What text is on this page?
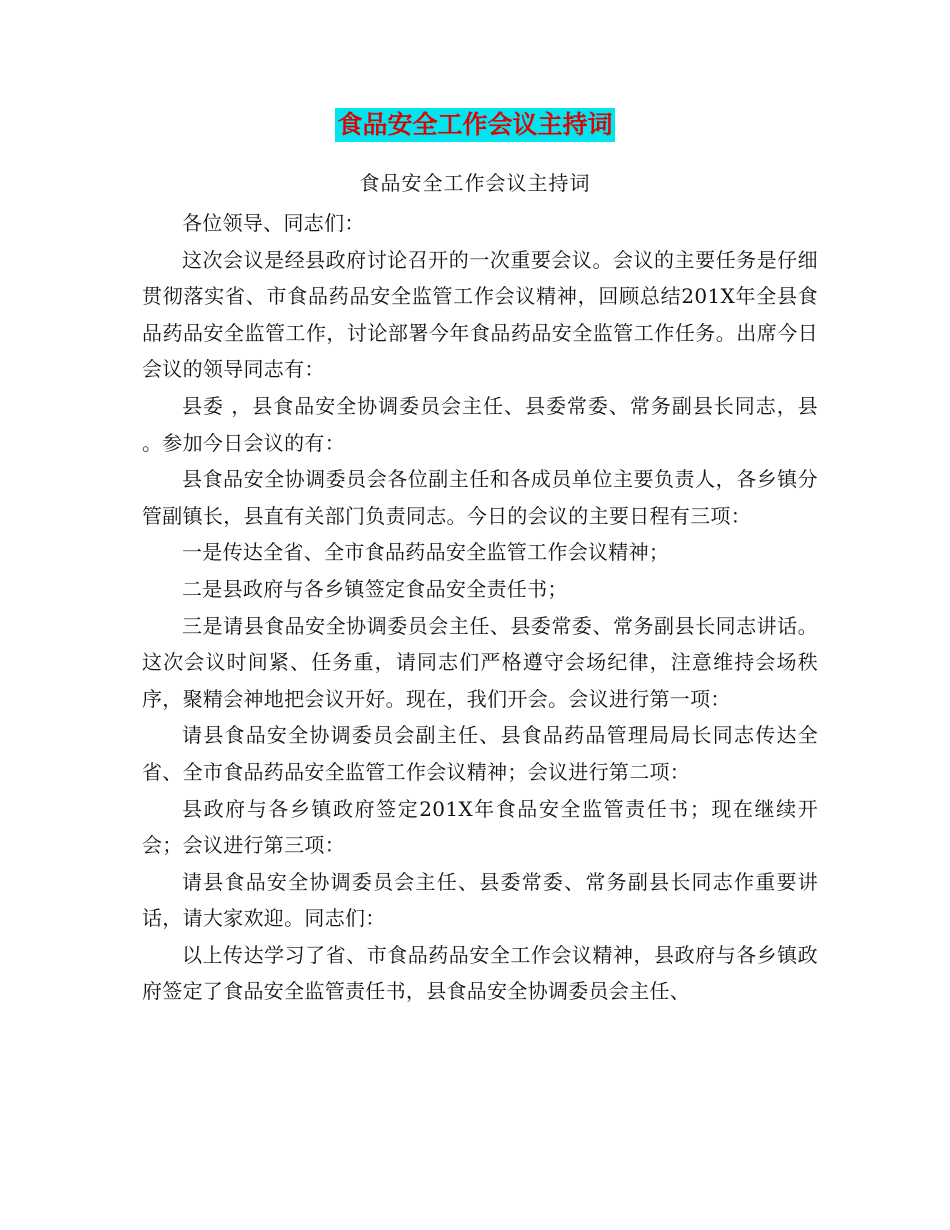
食品安全工作会议主持词
食品安全工作会议主持词

各位领导、同志们：

这次会议是经县政府讨论召开的一次重要会议。会议的主要任务是仔细贯彻落实省、市食品药品安全监管工作会议精神，回顾总结201X年全县食品药品安全监管工作，讨论部署今年食品药品安全监管工作任务。出席今日会议的领导同志有：

县委 ，县食品安全协调委员会主任、县委常委、常务副县长同志，县 。参加今日会议的有：

县食品安全协调委员会各位副主任和各成员单位主要负责人，各乡镇分管副镇长，县直有关部门负责同志。今日的会议的主要日程有三项：

一是传达全省、全市食品药品安全监管工作会议精神；

二是县政府与各乡镇签定食品安全责任书；

三是请县食品安全协调委员会主任、县委常委、常务副县长同志讲话。这次会议时间紧、任务重，请同志们严格遵守会场纪律，注意维持会场秩序，聚精会神地把会议开好。现在，我们开会。会议进行第一项：

请县食品安全协调委员会副主任、县食品药品管理局局长同志传达全省、全市食品药品安全监管工作会议精神；会议进行第二项：

县政府与各乡镇政府签定201X年食品安全监管责任书；现在继续开会；会议进行第三项：

请县食品安全协调委员会主任、县委常委、常务副县长同志作重要讲话，请大家欢迎。同志们：

以上传达学习了省、市食品药品安全工作会议精神，县政府与各乡镇政府签定了食品安全监管责任书，县食品安全协调委员会主任、
